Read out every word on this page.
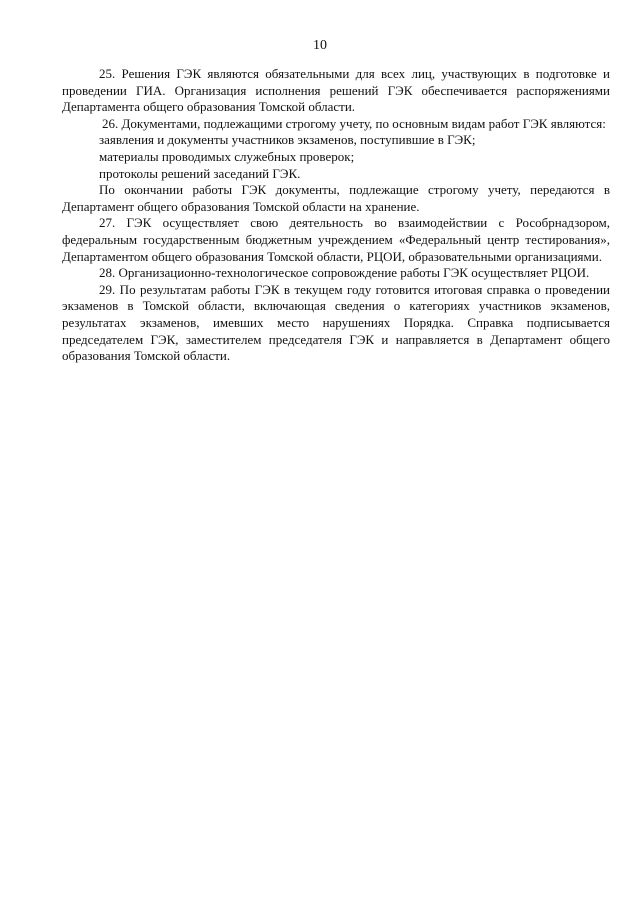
10

25. Решения ГЭК являются обязательными для всех лиц, участвующих в подготовке и проведении ГИА. Организация исполнения решений ГЭК обеспечивается распоряжениями Департамента общего образования Томской области.

26. Документами, подлежащими строгому учету, по основным видам работ ГЭК являются:

заявления и документы участников экзаменов, поступившие в ГЭК;

материалы проводимых служебных проверок;

протоколы решений заседаний ГЭК.

По окончании работы ГЭК документы, подлежащие строгому учету, передаются в Департамент общего образования Томской области на хранение.

27. ГЭК осуществляет свою деятельность во взаимодействии с Рособрнадзором, федеральным государственным бюджетным учреждением «Федеральный центр тестирования», Департаментом общего образования Томской области, РЦОИ, образовательными организациями.

28. Организационно-технологическое сопровождение работы ГЭК осуществляет РЦОИ.

29. По результатам работы ГЭК в текущем году готовится итоговая справка о проведении экзаменов в Томской области, включающая сведения о категориях участников экзаменов, результатах экзаменов, имевших место нарушениях Порядка. Справка подписывается председателем ГЭК, заместителем председателя ГЭК и направляется в Департамент общего образования Томской области.
